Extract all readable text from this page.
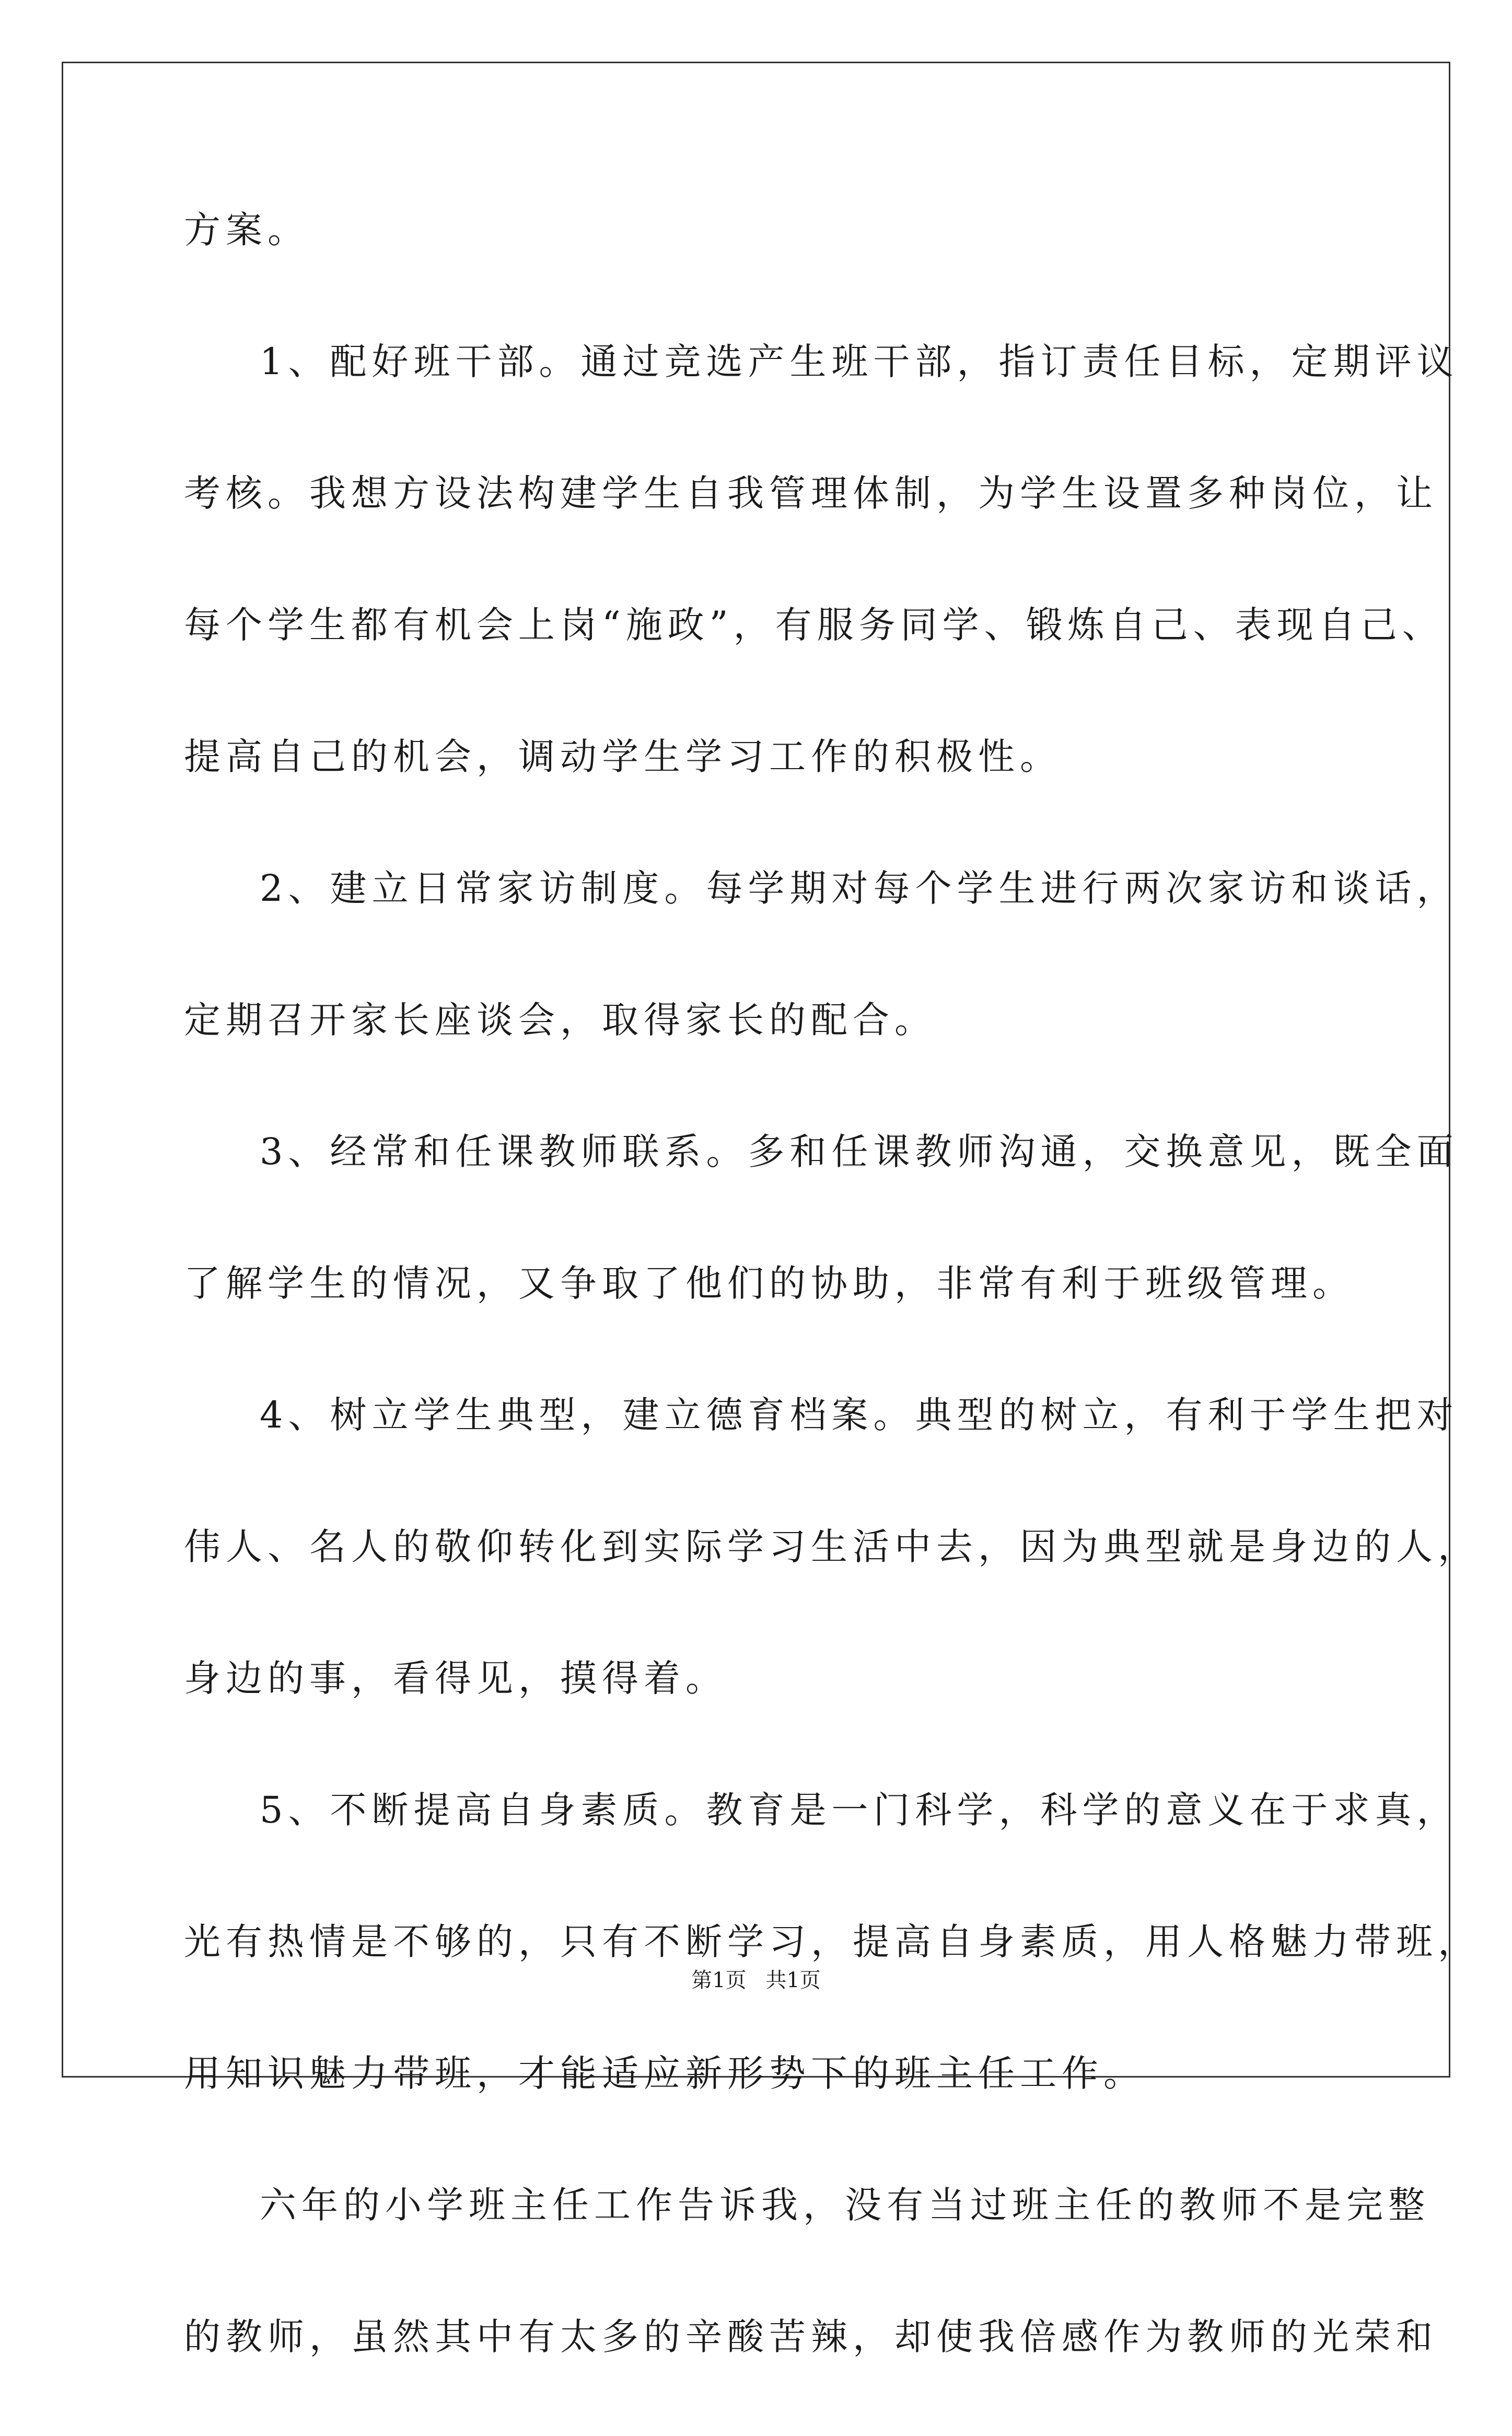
方案。
1、配好班干部。通过竞选产生班干部，指订责任目标，定期评议
考核。我想方设法构建学生自我管理体制，为学生设置多种岗位，让
每个学生都有机会上岗“施政”，有服务同学、锻炼自己、表现自己、
提高自己的机会，调动学生学习工作的积极性。
2、建立日常家访制度。每学期对每个学生进行两次家访和谈话，
定期召开家长座谈会，取得家长的配合。
3、经常和任课教师联系。多和任课教师沟通，交换意见，既全面
了解学生的情况，又争取了他们的协助，非常有利于班级管理。
4、树立学生典型，建立德育档案。典型的树立，有利于学生把对
伟人、名人的敬仰转化到实际学习生活中去，因为典型就是身边的人，
身边的事，看得见，摸得着。
5、不断提高自身素质。教育是一门科学，科学的意义在于求真，
光有热情是不够的，只有不断学习，提高自身素质，用人格魅力带班，
用知识魅力带班，才能适应新形势下的班主任工作。
六年的小学班主任工作告诉我，没有当过班主任的教师不是完整
的教师，虽然其中有太多的辛酸苦辣，却使我倍感作为教师的光荣和
第1页 共1页
